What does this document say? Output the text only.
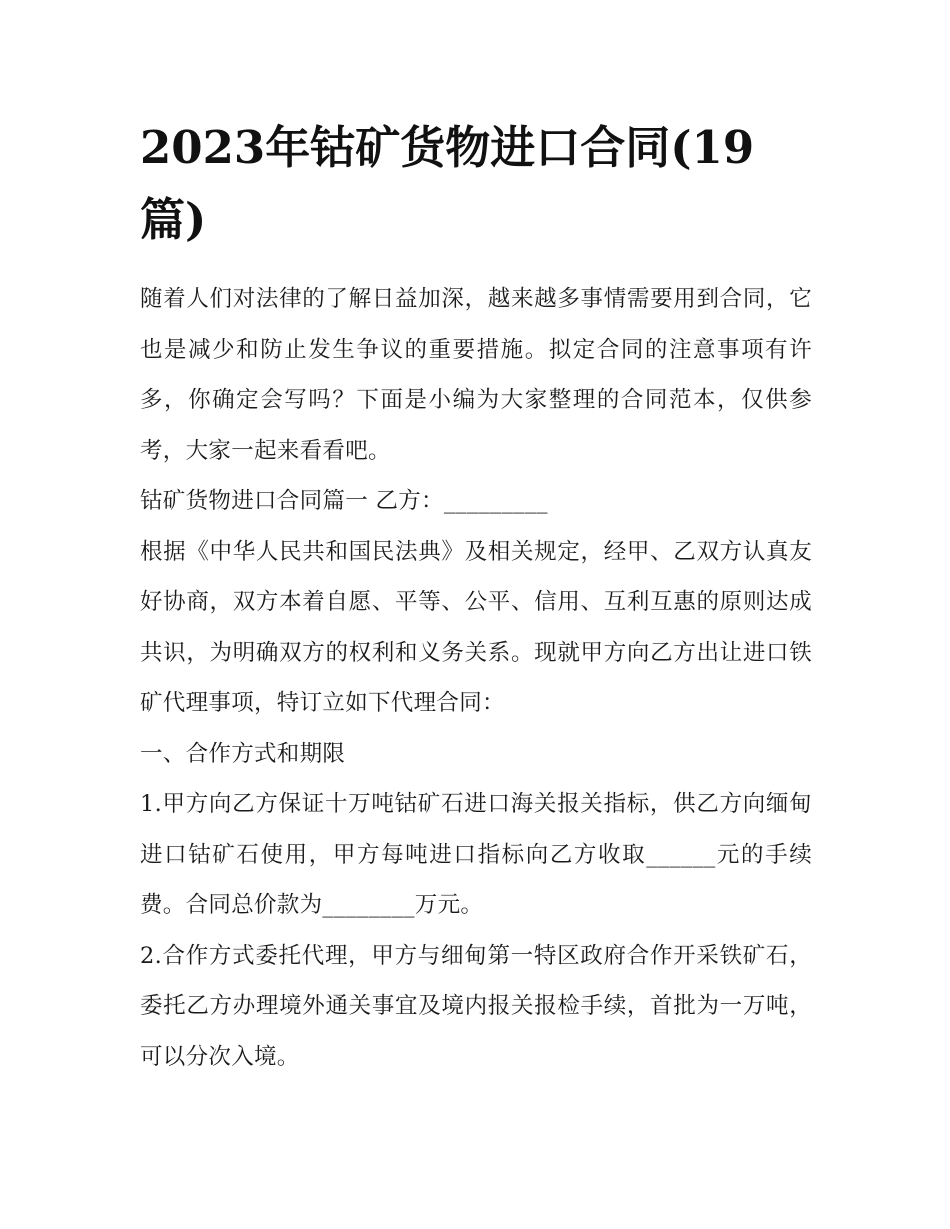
2023年钴矿货物进口合同(19篇)

随着人们对法律的了解日益加深，越来越多事情需要用到合同，它也是减少和防止发生争议的重要措施。拟定合同的注意事项有许多，你确定会写吗？下面是小编为大家整理的合同范本，仅供参考，大家一起来看看吧。

钴矿货物进口合同篇一 乙方：_________

根据《中华人民共和国民法典》及相关规定，经甲、乙双方认真友好协商，双方本着自愿、平等、公平、信用、互利互惠的原则达成共识，为明确双方的权利和义务关系。现就甲方向乙方出让进口铁矿代理事项，特订立如下代理合同：

一、合作方式和期限

1.甲方向乙方保证十万吨钴矿石进口海关报关指标，供乙方向缅甸进口钴矿石使用，甲方每吨进口指标向乙方收取______元的手续费。合同总价款为________万元。

2.合作方式委托代理，甲方与细甸第一特区政府合作开采铁矿石，委托乙方办理境外通关事宜及境内报关报检手续，首批为一万吨，可以分次入境。
